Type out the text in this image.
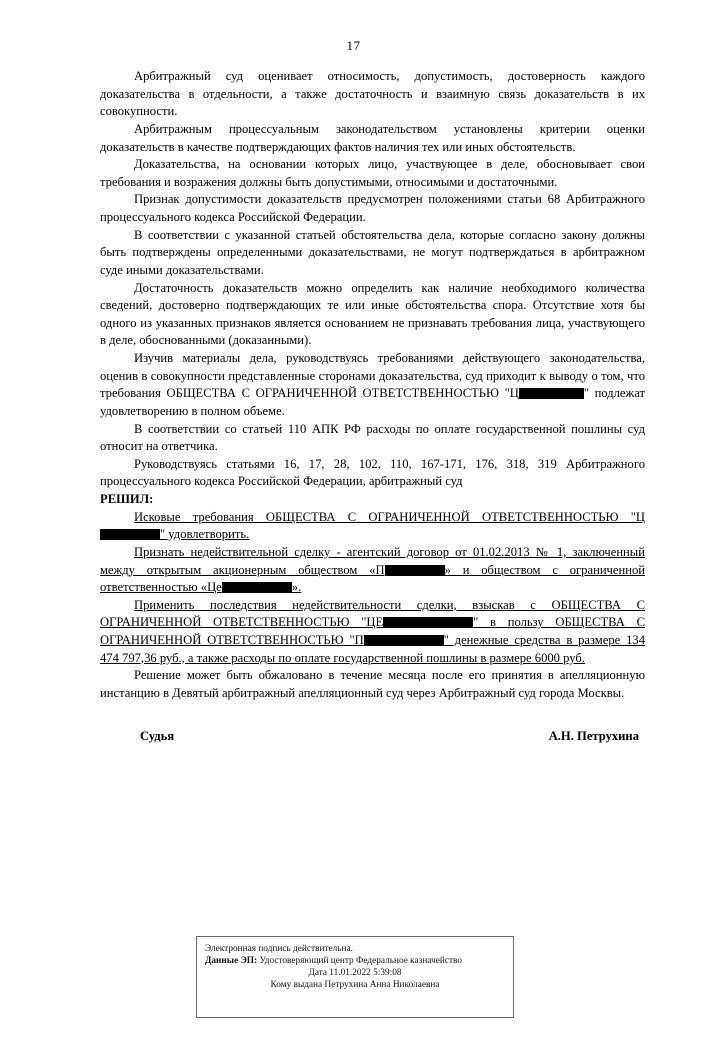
17

Арбитражный суд оценивает относимость, допустимость, достоверность каждого доказательства в отдельности, а также достаточность и взаимную связь доказательств в их совокупности.

Арбитражным процессуальным законодательством установлены критерии оценки доказательств в качестве подтверждающих фактов наличия тех или иных обстоятельств.

Доказательства, на основании которых лицо, участвующее в деле, обосновывает свои требования и возражения должны быть допустимыми, относимыми и достаточными.

Признак допустимости доказательств предусмотрен положениями статьи 68 Арбитражного процессуального кодекса Российской Федерации.

В соответствии с указанной статьей обстоятельства дела, которые согласно закону должны быть подтверждены определенными доказательствами, не могут подтверждаться в арбитражном суде иными доказательствами.

Достаточность доказательств можно определить как наличие необходимого количества сведений, достоверно подтверждающих те или иные обстоятельства спора. Отсутствие хотя бы одного из указанных признаков является основанием не признавать требования лица, участвующего в деле, обоснованными (доказанными).

Изучив материалы дела, руководствуясь требованиями действующего законодательства, оценив в совокупности представленные сторонами доказательства, суд приходит к выводу о том, что требования ОБЩЕСТВА С ОГРАНИЧЕННОЙ ОТВЕТСТВЕННОСТЬЮ "Ц	" подлежат удовлетворению в полном объеме.

В соответствии со статьей 110 АПК РФ расходы по оплате государственной пошлины суд относит на ответчика.

Руководствуясь статьями 16, 17, 28, 102, 110, 167-171, 176, 318, 319 Арбитражного процессуального кодекса Российской Федерации, арбитражный суд

РЕШИЛ:

Исковые требования ОБЩЕСТВА С ОГРАНИЧЕННОЙ ОТВЕТСТВЕННОСТЬЮ "Ц" удовлетворить.

Признать недействительной сделку - агентский договор от 01.02.2013 № 1, заключенный между открытым акционерным обществом «П	» и обществом с ограниченной ответственностью «Це	».

Применить последствия недействительности сделки, взыскав с ОБЩЕСТВА С ОГРАНИЧЕННОЙ ОТВЕТСТВЕННОСТЬЮ "ЦЕ	" в пользу ОБЩЕСТВА С ОГРАНИЧЕННОЙ ОТВЕТСТВЕННОСТЬЮ "П	" денежные средства в размере 134 474 797,36 руб., а также расходы по оплате государственной пошлины в размере 6000 руб.

Решение может быть обжаловано в течение месяца после его принятия в апелляционную инстанцию в Девятый арбитражный апелляционный суд через Арбитражный суд города Москвы.

Судья	А.Н. Петрухина
Электронная подпись действительна.
Данные ЭП: Удостоверяющий центр Федеральное казначейство
Дата 11.01.2022 5:39:08
Кому выдана Петрухина Анна Николаевна
